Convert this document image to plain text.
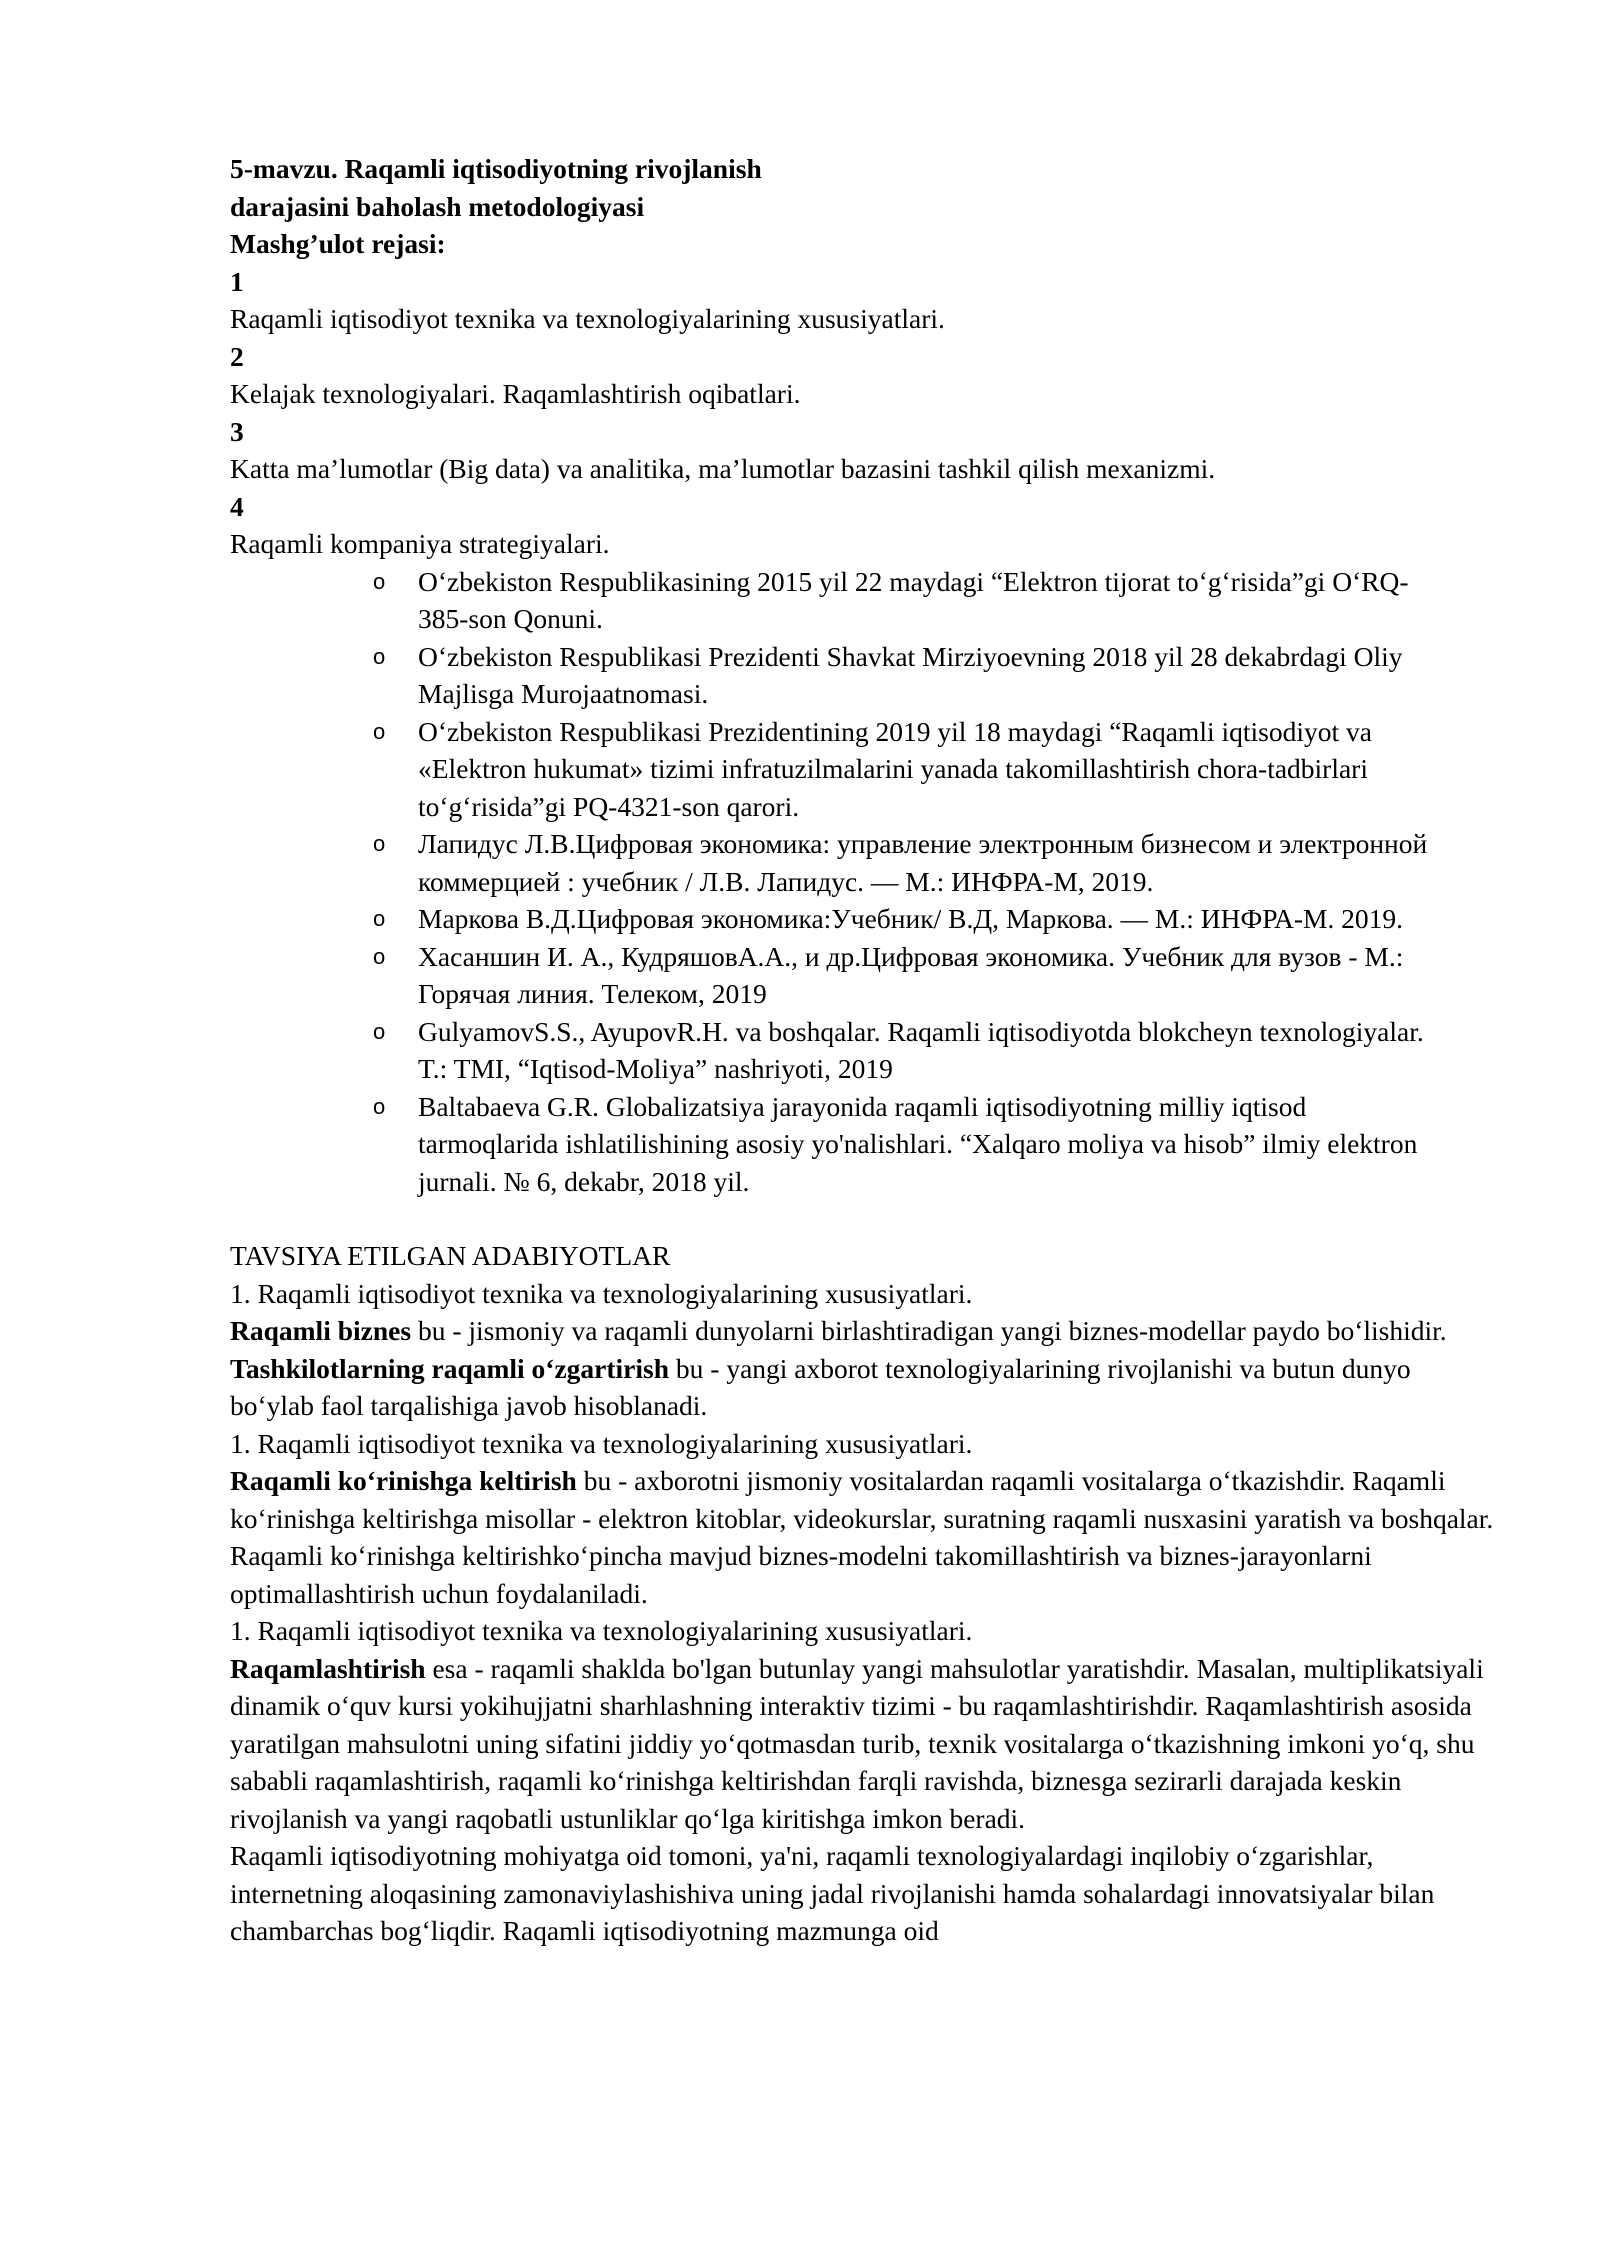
5-mavzu. Raqamli iqtisodiyotning rivojlanish
darajasini baholash metodologiyasi
Mashg’ulot rejasi:
1
Raqamli iqtisodiyot texnika va texnologiyalarining xususiyatlari.
2
Kelajak texnologiyalari. Raqamlashtirish oqibatlari.
3
Katta ma’lumotlar (Big data) va analitika, ma’lumotlar bazasini tashkil qilish mexanizmi.
4
Raqamli kompaniya strategiyalari.
o O‘zbekiston Respublikasining 2015 yil 22 maydagi “Elektron tijorat to‘g‘risida”gi O‘RQ-385-son Qonuni.
o O‘zbekiston Respublikasi Prezidenti Shavkat Mirziyoevning 2018 yil 28 dekabrdagi Oliy Majlisga Murojaatnomasi.
o O‘zbekiston Respublikasi Prezidentining 2019 yil 18 maydagi “Raqamli iqtisodiyot va «Elektron hukumat» tizimi infratuzilmalarini yanada takomillashtirish chora-tadbirlari to‘g‘risida”gi PQ-4321-son qarori.
o Лапидус Л.В.Цифровая экономика: управление электронным бизнесом и электронной коммерцией : учебник / Л.В. Лапидус. — М.: ИНФРА-М, 2019.
o Маркова В.Д.Цифровая экономика:Учебник/ В.Д, Маркова. — М.: ИНФРА-М. 2019.
o Хасаншин И. А., КудряшовА.А., и др.Цифровая экономика. Учебник для вузов - М.: Горячая линия. Телеком, 2019
o GulyamovS.S., AyupovR.H. va boshqalar. Raqamli iqtisodiyotda blokcheyn texnologiyalar. T.: TMI, “Iqtisod-Moliya” nashriyoti, 2019
o Baltabaeva G.R. Globalizatsiya jarayonida raqamli iqtisodiyotning milliy iqtisod tarmoqlarida ishlatilishining asosiy yo'nalishlari. “Xalqaro moliya va hisob” ilmiy elektron jurnali. № 6, dekabr, 2018 yil.
TAVSIYA ETILGAN ADABIYOTLAR
1. Raqamli iqtisodiyot texnika va texnologiyalarining xususiyatlari.

Raqamli biznes bu - jismoniy va raqamli dunyolarni birlashtiradigan yangi biznes-modellar paydo bo‘lishidir.

Tashkilotlarning raqamli o‘zgartirish bu - yangi axborot texnologiyalarining rivojlanishi va butun dunyo bo‘ylab faol tarqalishiga javob hisoblanadi.

1. Raqamli iqtisodiyot texnika va texnologiyalarining xususiyatlari.

Raqamli ko‘rinishga keltirish bu - axborotni jismoniy vositalardan raqamli vositalarga o‘tkazishdir. Raqamli ko‘rinishga keltirishga misollar - elektron kitoblar, videokurslar, suratning raqamli nusxasini yaratish va boshqalar.

Raqamli ko‘rinishga keltirishko‘pincha mavjud biznes-modelni takomillashtirish va biznes-jarayonlarni optimallashtirish uchun foydalaniladi.

1. Raqamli iqtisodiyot texnika va texnologiyalarining xususiyatlari.

Raqamlashtirish esa - raqamli shaklda bo'lgan butunlay yangi mahsulotlar yaratishdir. Masalan, multiplikatsiyali dinamik o‘quv kursi yokihujjatni sharhlashning interaktiv tizimi - bu raqamlashtirishdir. Raqamlashtirish asosida yaratilgan mahsulotni uning sifatini jiddiy yo‘qotmasdan turib, texnik vositalarga o‘tkazishning imkoni yo‘q, shu sababli raqamlashtirish, raqamli ko‘rinishga keltirishdan farqli ravishda, biznesga sezirarli darajada keskin rivojlanish va yangi raqobatli ustunliklar qo‘lga kiritishga imkon beradi.

Raqamli iqtisodiyotning mohiyatga oid tomoni, ya'ni, raqamli texnologiyalardagi inqilobiy o‘zgarishlar, internetning aloqasining zamonaviylashishiva uning jadal rivojlanishi hamda sohalardagi innovatsiyalar bilan chambarchas bog‘liqdir. Raqamli iqtisodiyotning mazmunga oid
